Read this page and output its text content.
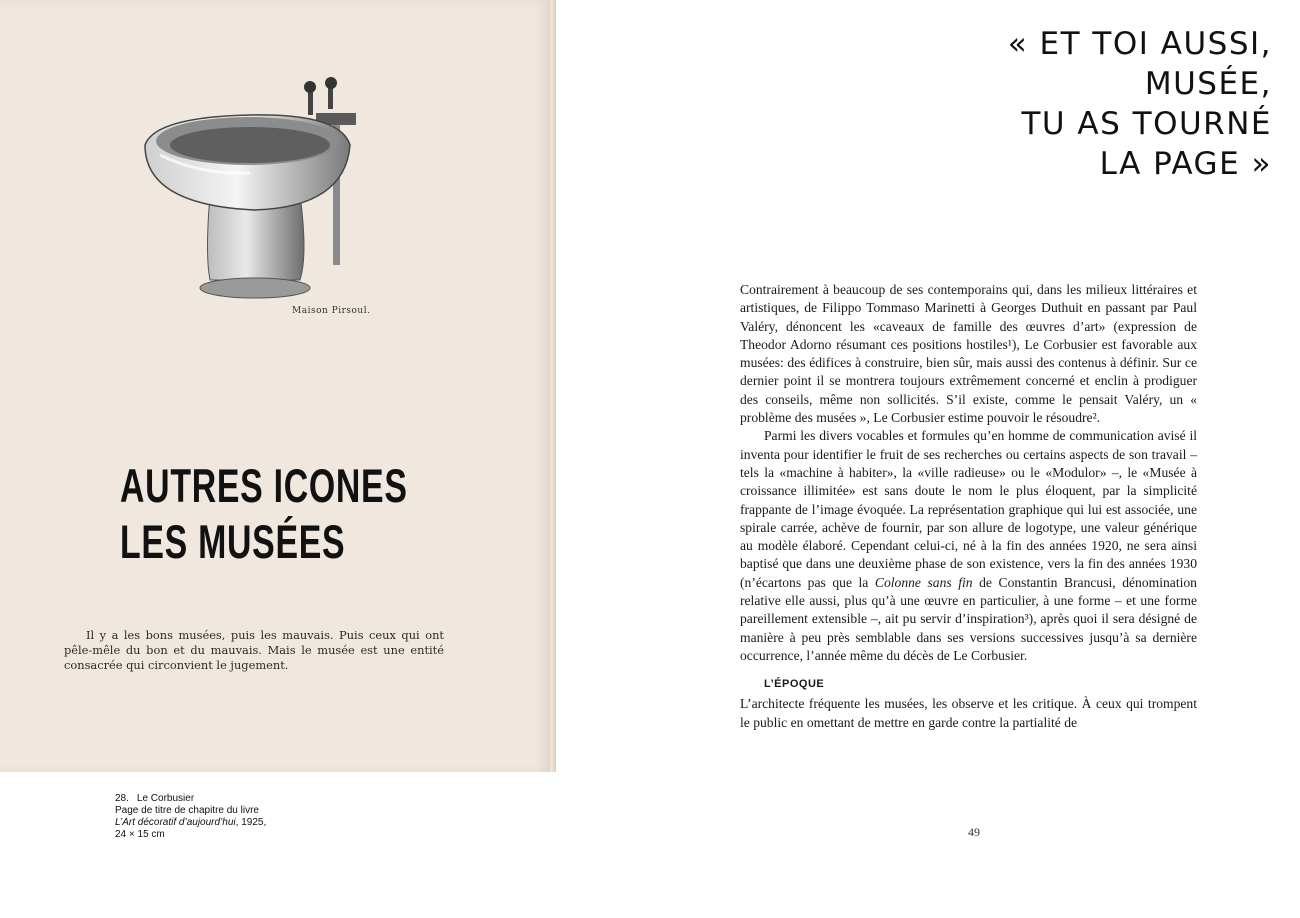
Maison Pirsoul.
AUTRES ICONES
LES MUSÉES
Il y a les bons musées, puis les mauvais. Puis ceux qui ont pêle-mêle du bon et du mauvais. Mais le musée est une entité consacrée qui circonvient le jugement.
28. Le Corbusier
Page de titre de chapitre du livre
L’Art décoratif d’aujourd’hui, 1925,
24 × 15 cm
« ET TOI AUSSI,
MUSÉE,
TU AS TOURNÉ
LA PAGE »

Contrairement à beaucoup de ses contemporains qui, dans les milieux littéraires et artistiques, de Filippo Tommaso Marinetti à Georges Duthuit en passant par Paul Valéry, dénoncent les «caveaux de famille des œuvres d’art» (expression de Theodor Adorno résumant ces positions hostiles¹), Le Corbusier est favorable aux musées: des édifices à construire, bien sûr, mais aussi des contenus à définir. Sur ce dernier point il se montrera toujours extrêmement concerné et enclin à prodiguer des conseils, même non sollicités. S’il existe, comme le pensait Valéry, un « problème des musées », Le Corbusier estime pouvoir le résoudre².

Parmi les divers vocables et formules qu’en homme de communication avisé il inventa pour identifier le fruit de ses recherches ou certains aspects de son travail – tels la «machine à habiter», la «ville radieuse» ou le «Modulor» –, le «Musée à croissance illimitée» est sans doute le nom le plus éloquent, par la simplicité frappante de l’image évoquée. La représentation graphique qui lui est associée, une spirale carrée, achève de fournir, par son allure de logotype, une valeur générique au modèle élaboré. Cependant celui-ci, né à la fin des années 1920, ne sera ainsi baptisé que dans une deuxième phase de son existence, vers la fin des années 1930 (n’écartons pas que la Colonne sans fin de Constantin Brancusi, dénomination relative elle aussi, plus qu’à une œuvre en particulier, à une forme – et une forme pareillement extensible –, ait pu servir d’inspiration³), après quoi il sera désigné de manière à peu près semblable dans ses versions successives jusqu’à sa dernière occurrence, l’année même du décès de Le Corbusier.

L’ÉPOQUE

L’architecte fréquente les musées, les observe et les critique. À ceux qui trompent le public en omettant de mettre en garde contre la partialité de

49
